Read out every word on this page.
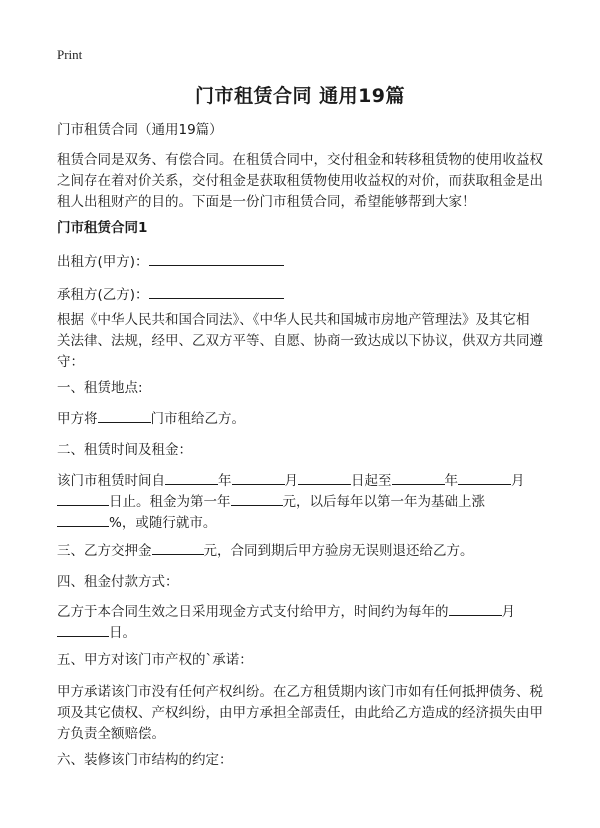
Print
门市租赁合同 通用19篇
门市租赁合同（通用19篇）
租赁合同是双务、有偿合同。在租赁合同中，交付租金和转移租赁物的使用收益权
之间存在着对价关系，交付租金是获取租赁物使用收益权的对价，而获取租金是出
租人出租财产的目的。下面是一份门市租赁合同，希望能够帮到大家！
门市租赁合同1
出租方(甲方)：
承租方(乙方)：
根据《中华人民共和国合同法》、《中华人民共和国城市房地产管理法》及其它相
关法律、法规，经甲、乙双方平等、自愿、协商一致达成以下协议，供双方共同遵
守：
一、租赁地点:
甲方将	门市租给乙方。
二、租赁时间及租金：
该门市租赁时间自	年	月	日起至	年	月
日止。租金为第一年	元，以后每年以第一年为基础上涨
%，或随行就市。
三、乙方交押金	元，合同到期后甲方验房无误则退还给乙方。
四、租金付款方式：
乙方于本合同生效之日采用现金方式支付给甲方，时间约为每年的	月
日。
五、甲方对该门市产权的`承诺：
甲方承诺该门市没有任何产权纠纷。在乙方租赁期内该门市如有任何抵押债务、税
项及其它债权、产权纠纷，由甲方承担全部责任，由此给乙方造成的经济损失由甲
方负责全额赔偿。
六、装修该门市结构的约定：
